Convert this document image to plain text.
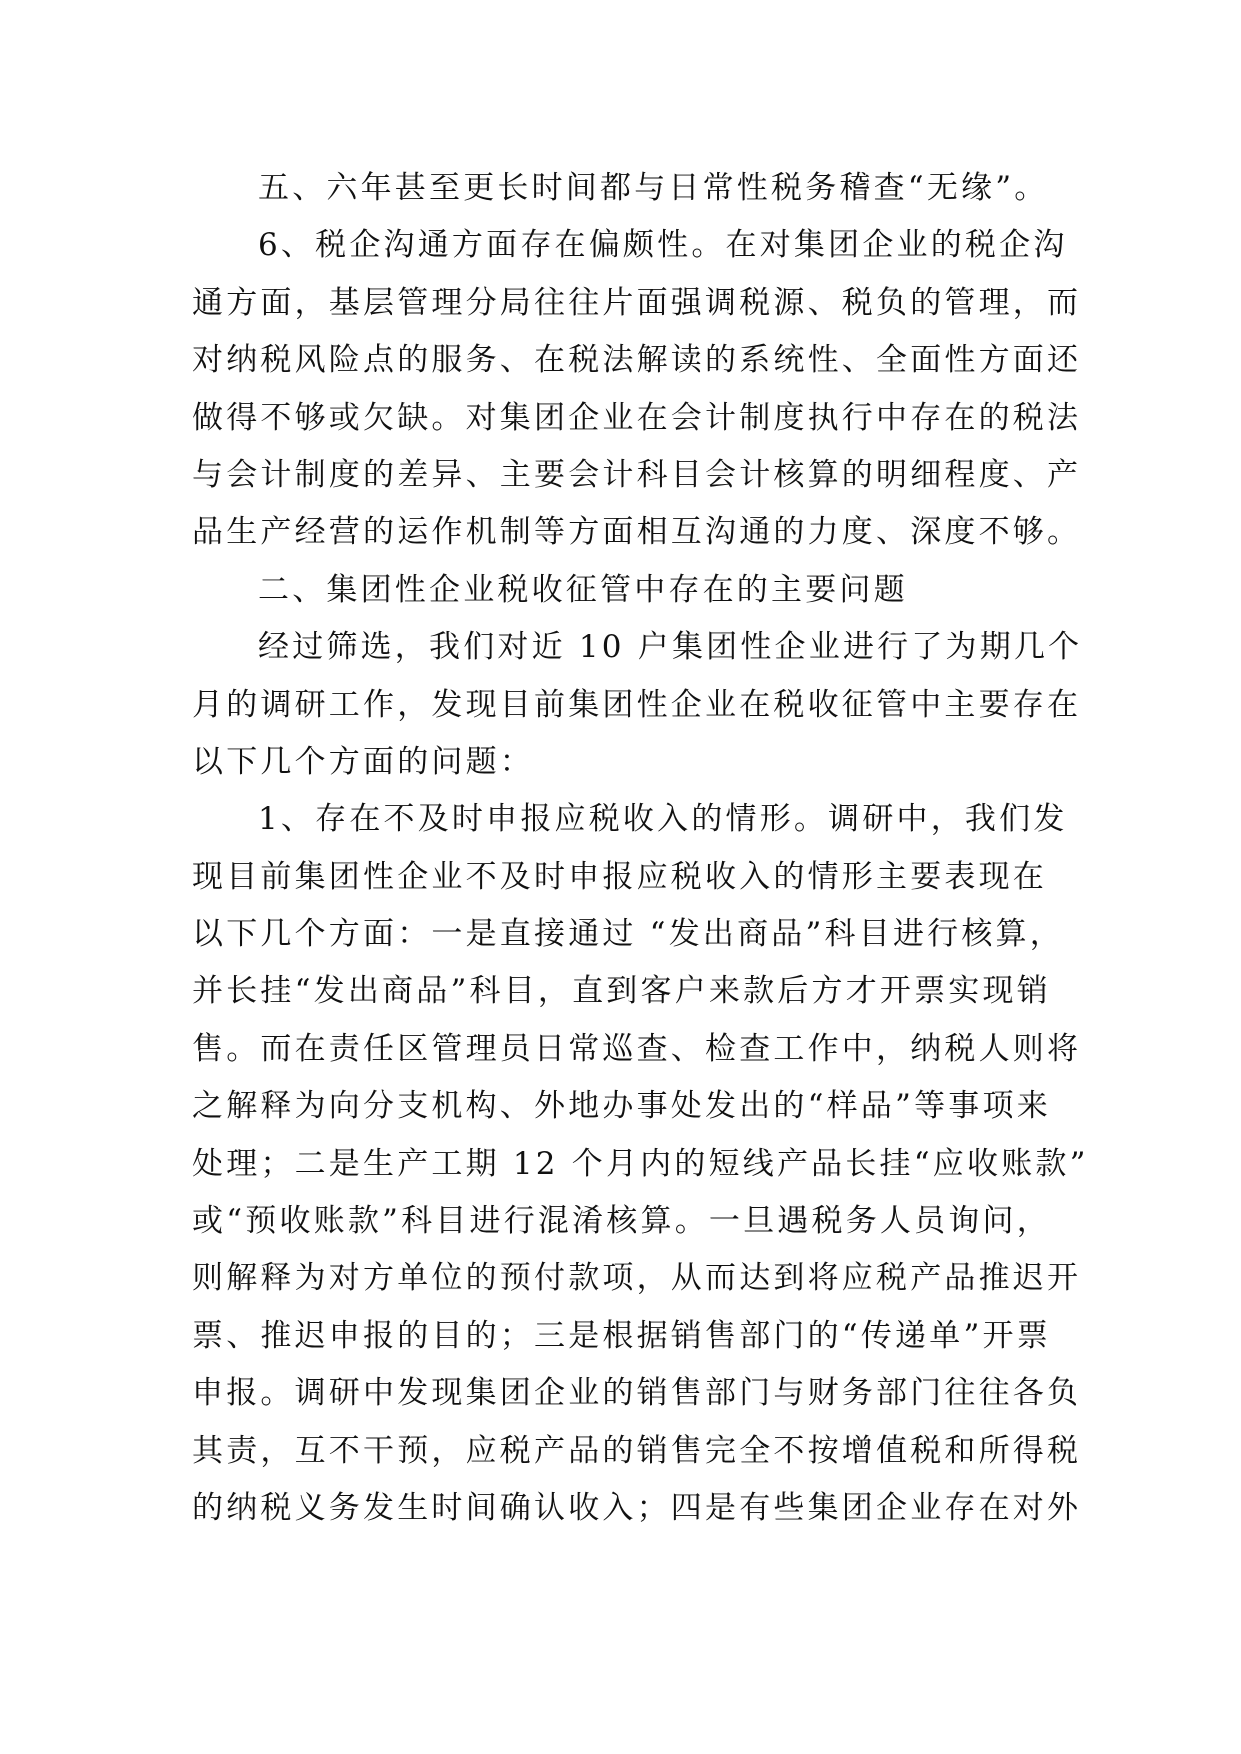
五、六年甚至更长时间都与日常性税务稽查“无缘”。
6、税企沟通方面存在偏颇性。在对集团企业的税企沟
通方面，基层管理分局往往片面强调税源、税负的管理，而
对纳税风险点的服务、在税法解读的系统性、全面性方面还
做得不够或欠缺。对集团企业在会计制度执行中存在的税法
与会计制度的差异、主要会计科目会计核算的明细程度、产
品生产经营的运作机制等方面相互沟通的力度、深度不够。
二、集团性企业税收征管中存在的主要问题
经过筛选，我们对近 10 户集团性企业进行了为期几个
月的调研工作，发现目前集团性企业在税收征管中主要存在
以下几个方面的问题：
1、存在不及时申报应税收入的情形。调研中，我们发
现目前集团性企业不及时申报应税收入的情形主要表现在
以下几个方面：一是直接通过 “发出商品”科目进行核算，
并长挂“发出商品”科目，直到客户来款后方才开票实现销
售。而在责任区管理员日常巡查、检查工作中，纳税人则将
之解释为向分支机构、外地办事处发出的“样品”等事项来
处理；二是生产工期 12 个月内的短线产品长挂“应收账款”
或“预收账款”科目进行混淆核算。一旦遇税务人员询问，
则解释为对方单位的预付款项，从而达到将应税产品推迟开
票、推迟申报的目的；三是根据销售部门的“传递单”开票
申报。调研中发现集团企业的销售部门与财务部门往往各负
其责，互不干预，应税产品的销售完全不按增值税和所得税
的纳税义务发生时间确认收入；四是有些集团企业存在对外
